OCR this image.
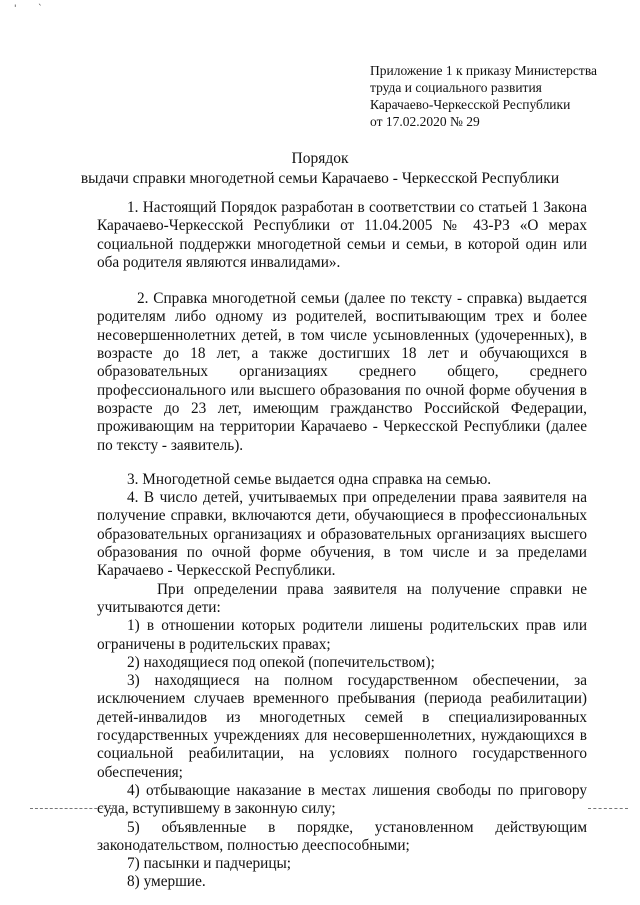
' `
Приложение 1 к приказу Министерства
труда и социального развития
Карачаево-Черкесской Республики
от 17.02.2020 № 29
Порядок
выдачи справки многодетной семьи Карачаево - Черкесской Республики

1. Настоящий Порядок разработан в соответствии со статьей 1 Закона Карачаево-Черкесской Республики от 11.04.2005 № 43-РЗ «О мерах социальной поддержки многодетной семьи и семьи, в которой один или оба родителя являются инвалидами».

2. Справка многодетной семьи (далее по тексту - справка) выдается родителям либо одному из родителей, воспитывающим трех и более несовершеннолетних детей, в том числе усыновленных (удочеренных), в возрасте до 18 лет, а также достигших 18 лет и обучающихся в образовательных организациях среднего общего, среднего профессионального или высшего образования по очной форме обучения в возрасте до 23 лет, имеющим гражданство Российской Федерации, проживающим на территории Карачаево - Черкесской Республики (далее по тексту - заявитель).

3. Многодетной семье выдается одна справка на семью.

4. В число детей, учитываемых при определении права заявителя на получение справки, включаются дети, обучающиеся в профессиональных образовательных организациях и образовательных организациях высшего образования по очной форме обучения, в том числе и за пределами Карачаево - Черкесской Республики.

При определении права заявителя на получение справки не учитываются дети:

1) в отношении которых родители лишены родительских прав или ограничены в родительских правах;

2) находящиеся под опекой (попечительством);

3) находящиеся на полном государственном обеспечении, за исключением случаев временного пребывания (периода реабилитации) детей-инвалидов из многодетных семей в специализированных государственных учреждениях для несовершеннолетних, нуждающихся в социальной реабилитации, на условиях полного государственного обеспечения;

4) отбывающие наказание в местах лишения свободы по приговору суда, вступившему в законную силу;

5) объявленные в порядке, установленном действующим законодательством, полностью дееспособными;

7) пасынки и падчерицы;

8) умершие.
